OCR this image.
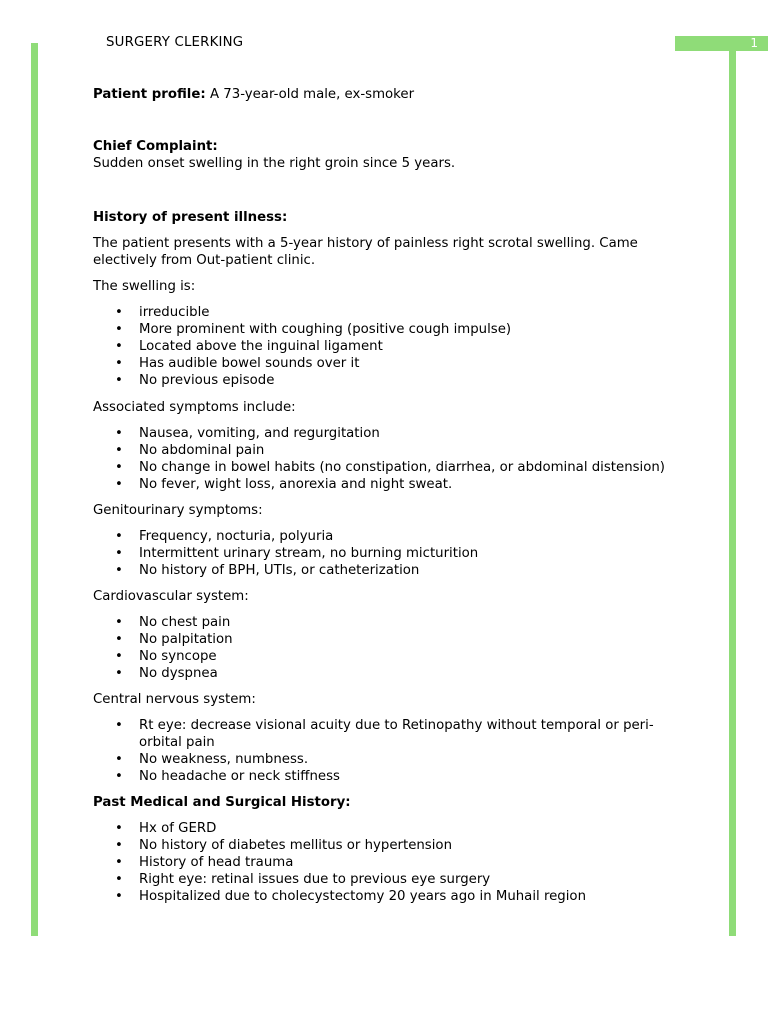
1
SURGERY CLERKING

Patient profile: A 73-year-old male, ex-smoker

Chief Complaint:

Sudden onset swelling in the right groin since 5 years.

History of present illness:

The patient presents with a 5-year history of painless right scrotal swelling. Came electively from Out-patient clinic.

The swelling is:

• irreducible
• More prominent with coughing (positive cough impulse)
• Located above the inguinal ligament
• Has audible bowel sounds over it
• No previous episode

Associated symptoms include:

• Nausea, vomiting, and regurgitation
• No abdominal pain
• No change in bowel habits (no constipation, diarrhea, or abdominal distension)
• No fever, wight loss, anorexia and night sweat.

Genitourinary symptoms:

• Frequency, nocturia, polyuria
• Intermittent urinary stream, no burning micturition
• No history of BPH, UTIs, or catheterization

Cardiovascular system:

• No chest pain
• No palpitation
• No syncope
• No dyspnea

Central nervous system:

• Rt eye: decrease visional acuity due to Retinopathy without temporal or peri-orbital pain
• No weakness, numbness.
• No headache or neck stiffness

Past Medical and Surgical History:

• Hx of GERD
• No history of diabetes mellitus or hypertension
• History of head trauma
• Right eye: retinal issues due to previous eye surgery
• Hospitalized due to cholecystectomy 20 years ago in Muhail region
